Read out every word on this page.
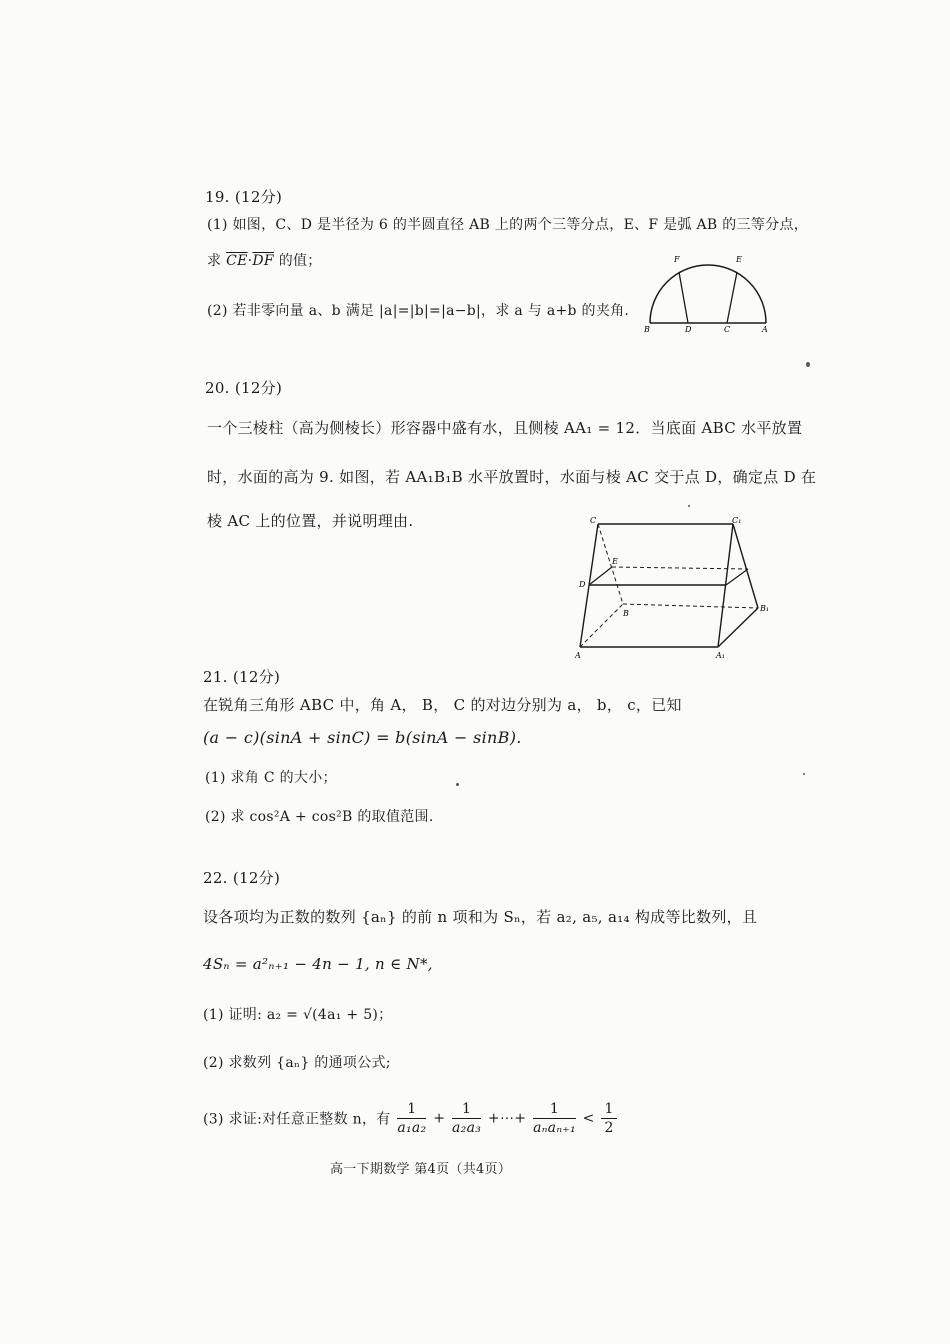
19. (12分)
(1) 如图，C、D 是半径为 6 的半圆直径 AB 上的两个三等分点，E、F 是弧 AB 的三等分点，
求 $\overline{CE}\cdot\overline{DF}$ 的值；
(2) 若非零向量 a、b 满足 |a|=|b|=|a−b|，求 a 与 a+b 的夹角.
B	D	C	A
F	E
20. (12分)
一个三棱柱（高为侧棱长）形容器中盛有水，且侧棱 AA₁ = 12．当底面 ABC 水平放置
时，水面的高为 9. 如图，若 AA₁B₁B 水平放置时，水面与棱 AC 交于点 D，确定点 D 在
棱 AC 上的位置，并说明理由.	C	C₁
E
D
B
B₁
A	A₁
21. (12分)
在锐角三角形 ABC 中，角 A， B， C 的对边分别为 a， b， c，已知
(a − c)(sinA + sinC) = b(sinA − sinB).
(1) 求角 C 的大小；
(2) 求 cos²A + cos²B 的取值范围.
22. (12分)
设各项均为正数的数列 {aₙ} 的前 n 项和为 Sₙ，若 a₂, a₅, a₁₄ 构成等比数列，且
4Sₙ = a²ₙ₊₁ − 4n − 1, n ∈ N*,
(1) 证明: a₂ = √(4a₁ + 5)；
(2) 求数列 {aₙ} 的通项公式;
(3) 求证:对任意正整数 n，有 $\frac{1}{\text{a₁a₂}} + \frac{1}{\text{a₂a₃}}$ +⋯+ $\frac{1}{\text{aₙaₙ₊₁}} < \frac{1}{2}$
高一下期数学 第4页（共4页）
